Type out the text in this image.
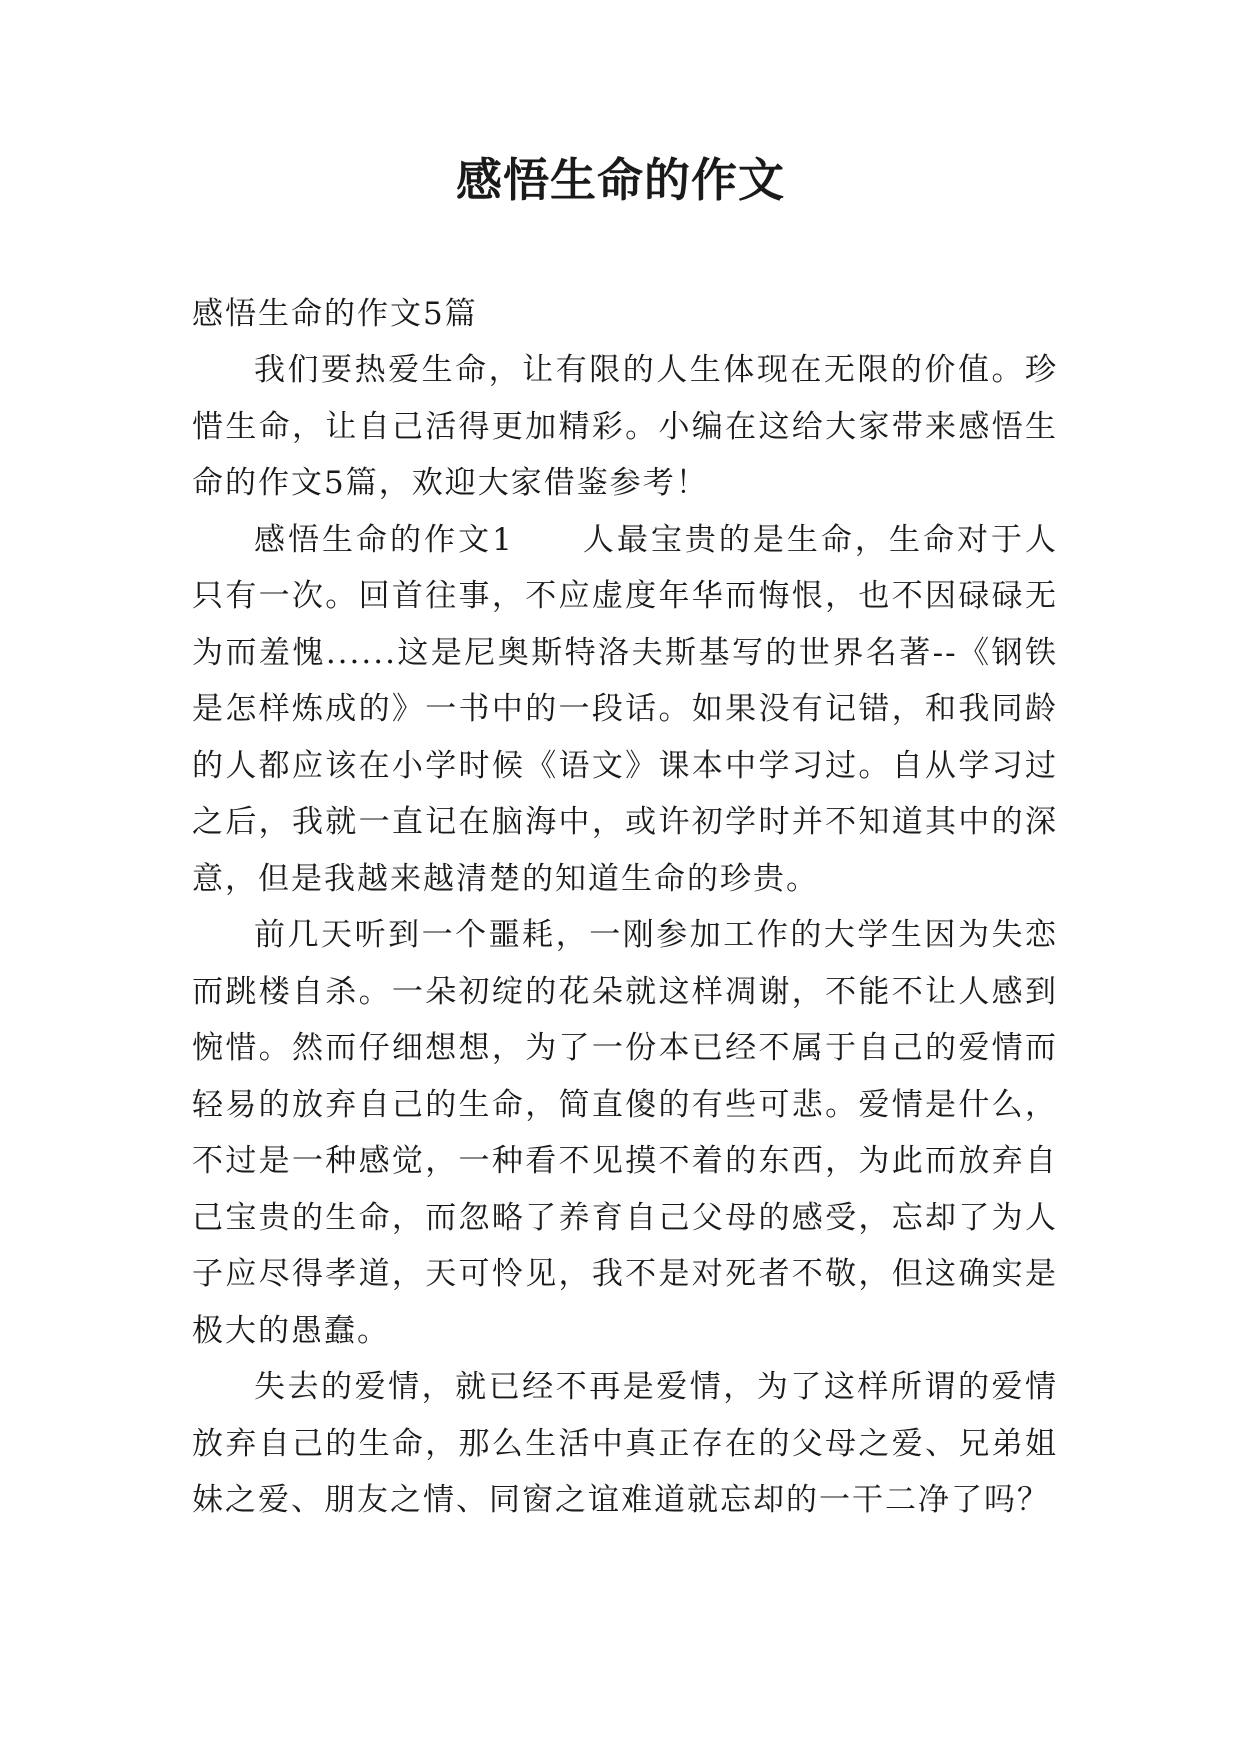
感悟生命的作文

感悟生命的作文5篇

我们要热爱生命，让有限的人生体现在无限的价值。珍惜生命，让自己活得更加精彩。小编在这给大家带来感悟生命的作文5篇，欢迎大家借鉴参考！

感悟生命的作文1　　人最宝贵的是生命，生命对于人只有一次。回首往事，不应虚度年华而悔恨，也不因碌碌无为而羞愧......这是尼奥斯特洛夫斯基写的世界名著--《钢铁是怎样炼成的》一书中的一段话。如果没有记错，和我同龄的人都应该在小学时候《语文》课本中学习过。自从学习过之后，我就一直记在脑海中，或许初学时并不知道其中的深意，但是我越来越清楚的知道生命的珍贵。

前几天听到一个噩耗，一刚参加工作的大学生因为失恋而跳楼自杀。一朵初绽的花朵就这样凋谢，不能不让人感到惋惜。然而仔细想想，为了一份本已经不属于自己的爱情而轻易的放弃自己的生命，简直傻的有些可悲。爱情是什么，不过是一种感觉，一种看不见摸不着的东西，为此而放弃自己宝贵的生命，而忽略了养育自己父母的感受，忘却了为人子应尽得孝道，天可怜见，我不是对死者不敬，但这确实是极大的愚蠢。

失去的爱情，就已经不再是爱情，为了这样所谓的爱情放弃自己的生命，那么生活中真正存在的父母之爱、兄弟姐妹之爱、朋友之情、同窗之谊难道就忘却的一干二净了吗？
